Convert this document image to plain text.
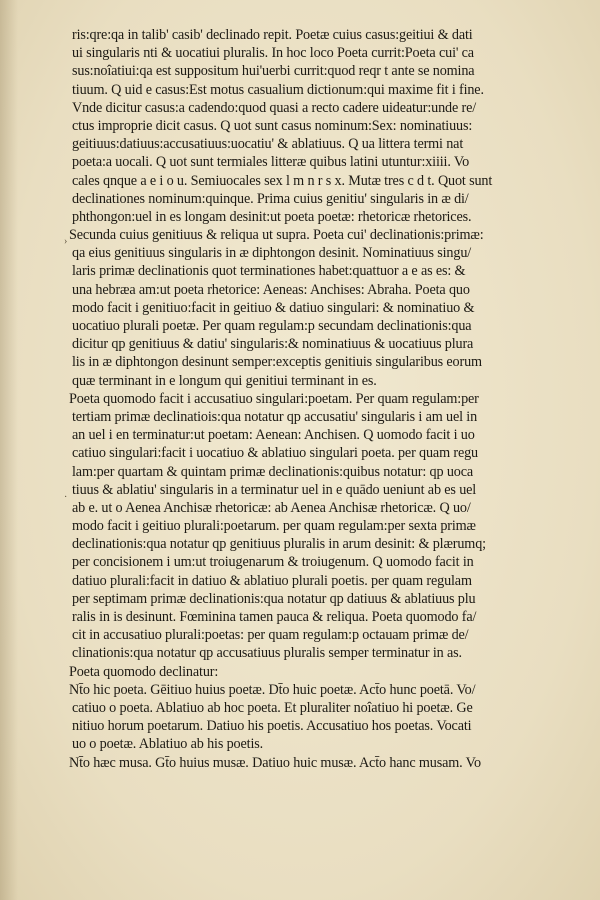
›
·
ris:qre:qa in talib' casib' declinado repit. Poetæ cuius casus:geitiui & dati
ui singularis nti & uocatiui pluralis. In hoc loco Poeta currit:Poeta cui' ca
sus:noîatiui:qa est suppositum hui'uerbi currit:quod reqr t ante se nomina
tiuum. Q uid e casus:Est motus casualium dictionum:qui maxime fit i fine.
Vnde dicitur casus:a cadendo:quod quasi a recto cadere uideatur:unde re/
ctus improprie dicit casus. Q uot sunt casus nominum:Sex: nominatiuus:
geitiuus:datiuus:accusatiuus:uocatiu' & ablatiuus. Q ua littera termi nat
poeta:a uocali. Q uot sunt termiales litteræ quibus latini utuntur:xiiii. Vo
cales qnque a e i o u. Semiuocales sex l m n r s x. Mutæ tres c d t. Quot sunt
declinationes nominum:quinque. Prima cuius genitiu' singularis in æ di/
phthongon:uel in es longam desinit:ut poeta poetæ: rhetoricæ rhetorices.
Secunda cuius genitiuus & reliqua ut supra. Poeta cui' declinationis:primæ:
qa eius genitiuus singularis in æ diphtongon desinit. Nominatiuus singu/
laris primæ declinationis quot terminationes habet:quattuor a e as es: &
una hebræa am:ut poeta rhetorice: Aeneas: Anchises: Abraha. Poeta quo
modo facit i genitiuo:facit in geitiuo & datiuo singulari: & nominatiuo &
uocatiuo plurali poetæ. Per quam regulam:p secundam declinationis:qua
dicitur qp genitiuus & datiu' singularis:& nominatiuus & uocatiuus plura
lis in æ diphtongon desinunt semper:exceptis genitiuis singularibus eorum
quæ terminant in e longum qui genitiui terminant in es.
Poeta quomodo facit i accusatiuo singulari:poetam. Per quam regulam:per
tertiam primæ declinatiois:qua notatur qp accusatiu' singularis i am uel in
an uel i en terminatur:ut poetam: Aenean: Anchisen. Q uomodo facit i uo
catiuo singulari:facit i uocatiuo & ablatiuo singulari poeta. per quam regu
lam:per quartam & quintam primæ declinationis:quibus notatur: qp uoca
tiuus & ablatiu' singularis in a terminatur uel in e quādo ueniunt ab es uel
ab e. ut o Aenea Anchisæ rhetoricæ: ab Aenea Anchisæ rhetoricæ. Q uo/
modo facit i geitiuo plurali:poetarum. per quam regulam:per sexta primæ
declinationis:qua notatur qp genitiuus pluralis in arum desinit: & plærumq;
per concisionem i um:ut troiugenarum & troiugenum. Q uomodo facit in
datiuo plurali:facit in datiuo & ablatiuo plurali poetis. per quam regulam
per septimam primæ declinationis:qua notatur qp datiuus & ablatiuus plu
ralis in is desinunt. Fœminina tamen pauca & reliqua. Poeta quomodo fa/
cit in accusatiuo plurali:poetas: per quam regulam:p octauam primæ de/
clinationis:qua notatur qp accusatiuus pluralis semper terminatur in as.
Poeta quomodo declinatur:
Nt̄o hic poeta. Gēitiuo huius poetæ. Dt̄o huic poetæ. Act̄o hunc poetā. Vo/
catiuo o poeta. Ablatiuo ab hoc poeta. Et pluraliter noîatiuo hi poetæ. Ge
nitiuo horum poetarum. Datiuo his poetis. Accusatiuo hos poetas. Vocati
uo o poetæ. Ablatiuo ab his poetis.
Nt̄o hæc musa. Gt̄o huius musæ. Datiuo huic musæ. Act̄o hanc musam. Vo
